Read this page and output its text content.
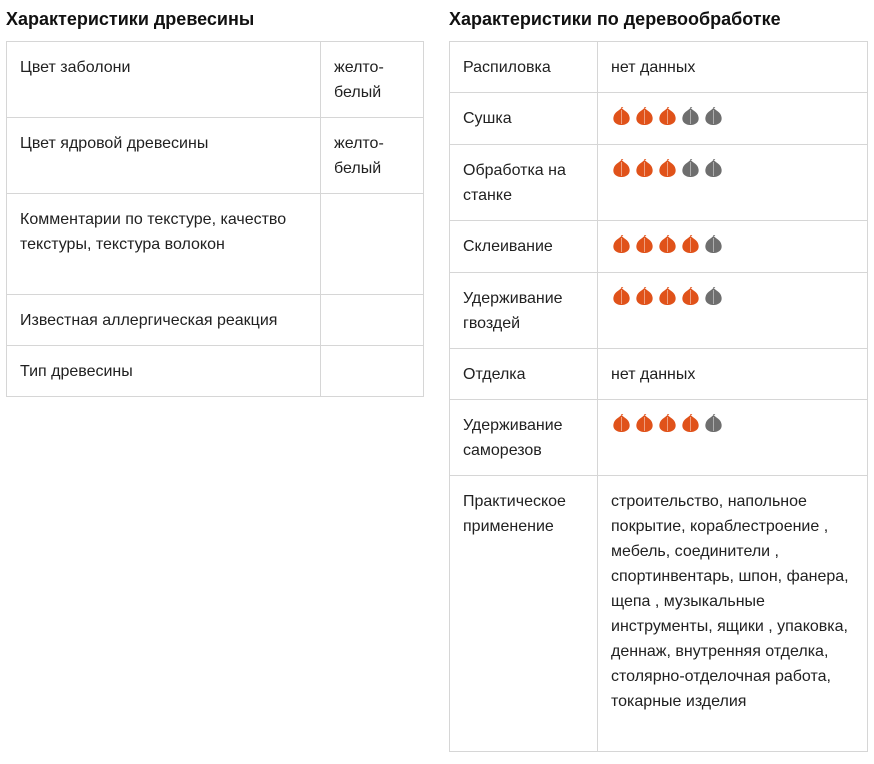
Характеристики древесины
Цвет заболони	желто-белый
Цвет ядровой древесины	желто-белый
Комментарии по текстуре, качество текстуры, текстура волокон	
Известная аллергическая реакция	
Тип древесины	
Характеристики по деревообработке
Распиловка	нет данных
Сушка	

Обработка на станке	

Склеивание	

Удерживание гвоздей	

Отделка	нет данных
Удерживание саморезов	

Практическое применение	строительство, напольное покрытие, кораблестроение , мебель, соединители , спортинвентарь, шпон, фанера, щепа , музыкальные инструменты, ящики , упаковка, деннаж, внутренняя отделка, столярно-отделочная работа, токарные изделия
